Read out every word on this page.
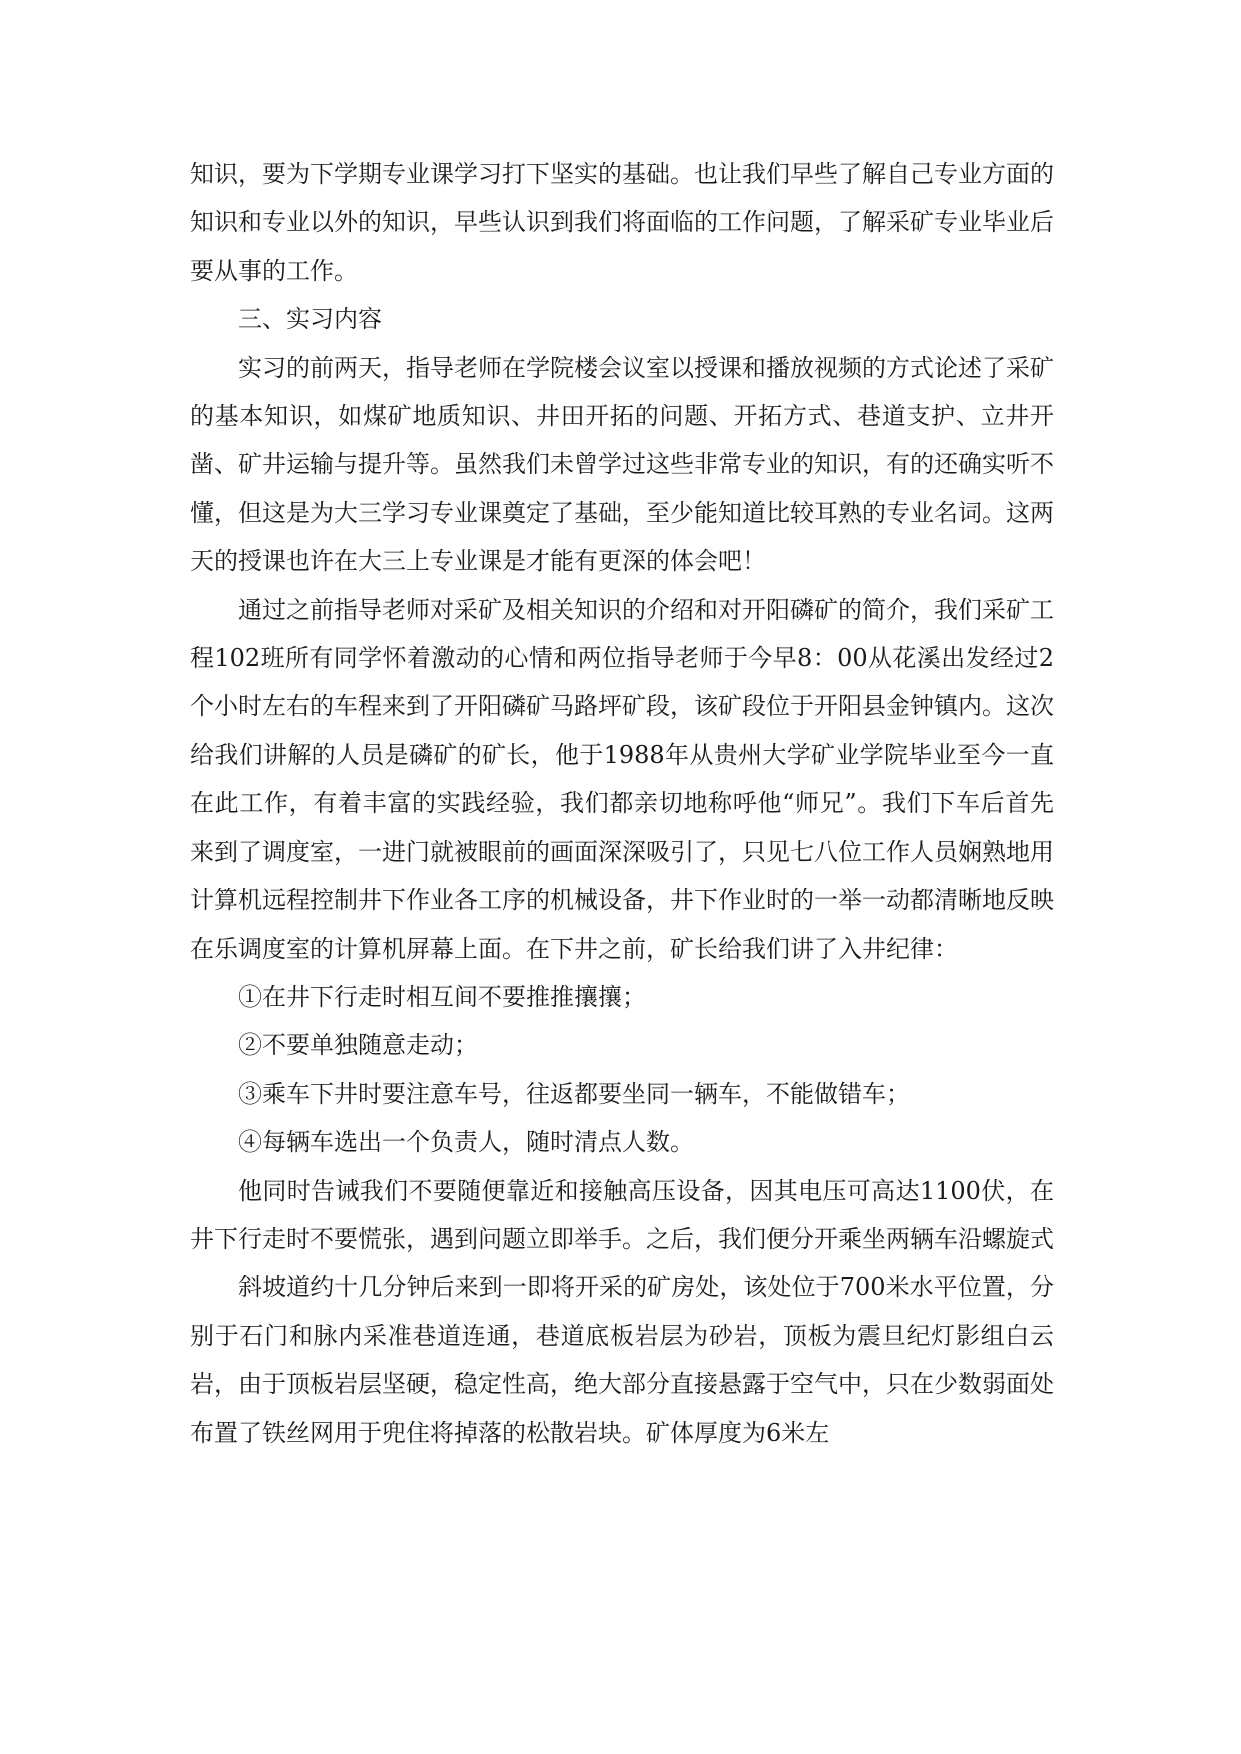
知识，要为下学期专业课学习打下坚实的基础。也让我们早些了解自己专业方面的知识和专业以外的知识，早些认识到我们将面临的工作问题，了解采矿专业毕业后要从事的工作。

三、实习内容

实习的前两天，指导老师在学院楼会议室以授课和播放视频的方式论述了采矿的基本知识，如煤矿地质知识、井田开拓的问题、开拓方式、巷道支护、立井开凿、矿井运输与提升等。虽然我们未曾学过这些非常专业的知识，有的还确实听不懂，但这是为大三学习专业课奠定了基础，至少能知道比较耳熟的专业名词。这两天的授课也许在大三上专业课是才能有更深的体会吧！

通过之前指导老师对采矿及相关知识的介绍和对开阳磷矿的简介，我们采矿工程102班所有同学怀着激动的心情和两位指导老师于今早8：00从花溪出发经过2个小时左右的车程来到了开阳磷矿马路坪矿段，该矿段位于开阳县金钟镇内。这次给我们讲解的人员是磷矿的矿长，他于1988年从贵州大学矿业学院毕业至今一直在此工作，有着丰富的实践经验，我们都亲切地称呼他“师兄”。我们下车后首先来到了调度室，一进门就被眼前的画面深深吸引了，只见七八位工作人员娴熟地用计算机远程控制井下作业各工序的机械设备，井下作业时的一举一动都清晰地反映在乐调度室的计算机屏幕上面。在下井之前，矿长给我们讲了入井纪律：

①在井下行走时相互间不要推推攘攘；

②不要单独随意走动；

③乘车下井时要注意车号，往返都要坐同一辆车，不能做错车；

④每辆车选出一个负责人，随时清点人数。

他同时告诫我们不要随便靠近和接触高压设备，因其电压可高达1100伏，在井下行走时不要慌张，遇到问题立即举手。之后，我们便分开乘坐两辆车沿螺旋式

斜坡道约十几分钟后来到一即将开采的矿房处，该处位于700米水平位置，分别于石门和脉内采准巷道连通，巷道底板岩层为砂岩，顶板为震旦纪灯影组白云岩，由于顶板岩层坚硬，稳定性高，绝大部分直接悬露于空气中，只在少数弱面处布置了铁丝网用于兜住将掉落的松散岩块。矿体厚度为6米左
